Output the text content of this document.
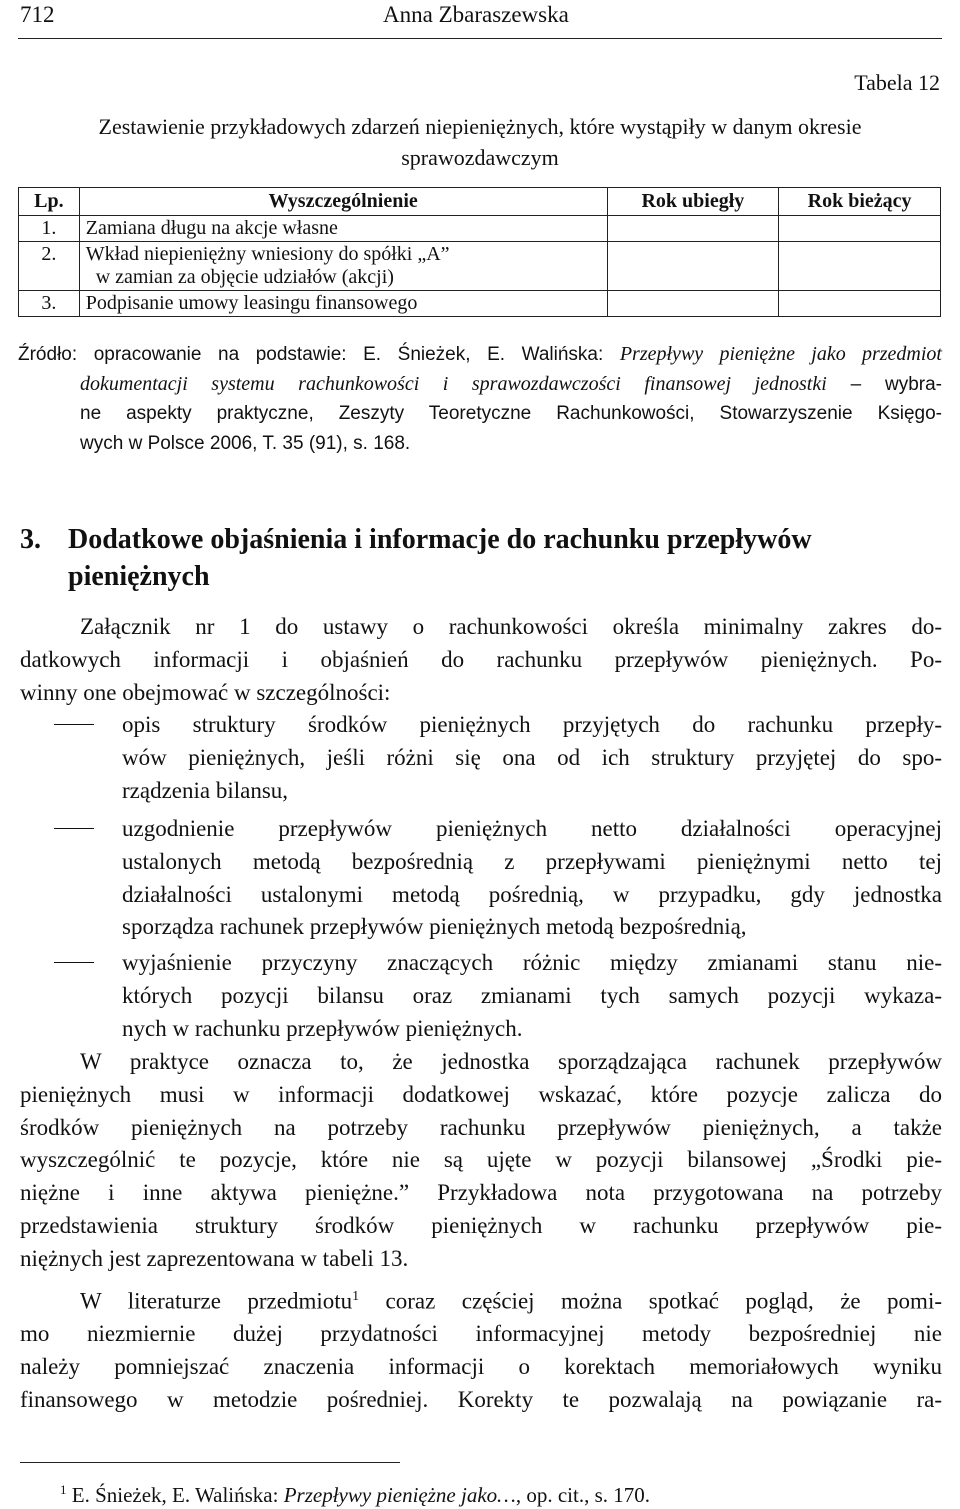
712	Anna Zbaraszewska
Tabela 12
Zestawienie przykładowych zdarzeń niepieniężnych, które wystąpiły w danym okresie
sprawozdawczym
Lp.	Wyszczególnienie	Rok ubiegły	Rok bieżący
1.	Zamiana długu na akcje własne		
2.	Wkład niepieniężny wniesiony do spółki „A”
w zamian za objęcie udziałów (akcji)		

3.	Podpisanie umowy leasingu finansowego		
Źródło: opracowanie na podstawie: E. Śnieżek, E. Walińska: Przepływy pieniężne jako przedmiot
dokumentacji systemu rachunkowości i sprawozdawczości finansowej jednostki – wybra-
ne aspekty praktyczne, Zeszyty Teoretyczne Rachunkowości, Stowarzyszenie Księgo-
wych w Polsce 2006, T. 35 (91), s. 168.
3. Dodatkowe objaśnienia i informacje do rachunku przepływów
pieniężnych
Załącznik nr 1 do ustawy o rachunkowości określa minimalny zakres do-
datkowych informacji i objaśnień do rachunku przepływów pieniężnych. Po-
winny one obejmować w szczególności:
opis struktury środków pieniężnych przyjętych do rachunku przepły-
wów pieniężnych, jeśli różni się ona od ich struktury przyjętej do spo-
rządzenia bilansu,
uzgodnienie przepływów pieniężnych netto działalności operacyjnej
ustalonych metodą bezpośrednią z przepływami pieniężnymi netto tej
działalności ustalonymi metodą pośrednią, w przypadku, gdy jednostka
sporządza rachunek przepływów pieniężnych metodą bezpośrednią,
wyjaśnienie przyczyny znaczących różnic między zmianami stanu nie-
których pozycji bilansu oraz zmianami tych samych pozycji wykaza-
nych w rachunku przepływów pieniężnych.
W praktyce oznacza to, że jednostka sporządzająca rachunek przepływów
pieniężnych musi w informacji dodatkowej wskazać, które pozycje zalicza do
środków pieniężnych na potrzeby rachunku przepływów pieniężnych, a także
wyszczególnić te pozycje, które nie są ujęte w pozycji bilansowej „Środki pie-
niężne i inne aktywa pieniężne.” Przykładowa nota przygotowana na potrzeby
przedstawienia struktury środków pieniężnych w rachunku przepływów pie-
niężnych jest zaprezentowana w tabeli 13.
W literaturze przedmiotu$^1$ coraz częściej można spotkać pogląd, że pomi-
mo niezmiernie dużej przydatności informacyjnej metody bezpośredniej nie
należy pomniejszać znaczenia informacji o korektach memoriałowych wyniku
finansowego w metodzie pośredniej. Korekty te pozwalają na powiązanie ra-
$^1$ E. Śnieżek, E. Walińska: Przepływy pieniężne jako…, op. cit., s. 170.
